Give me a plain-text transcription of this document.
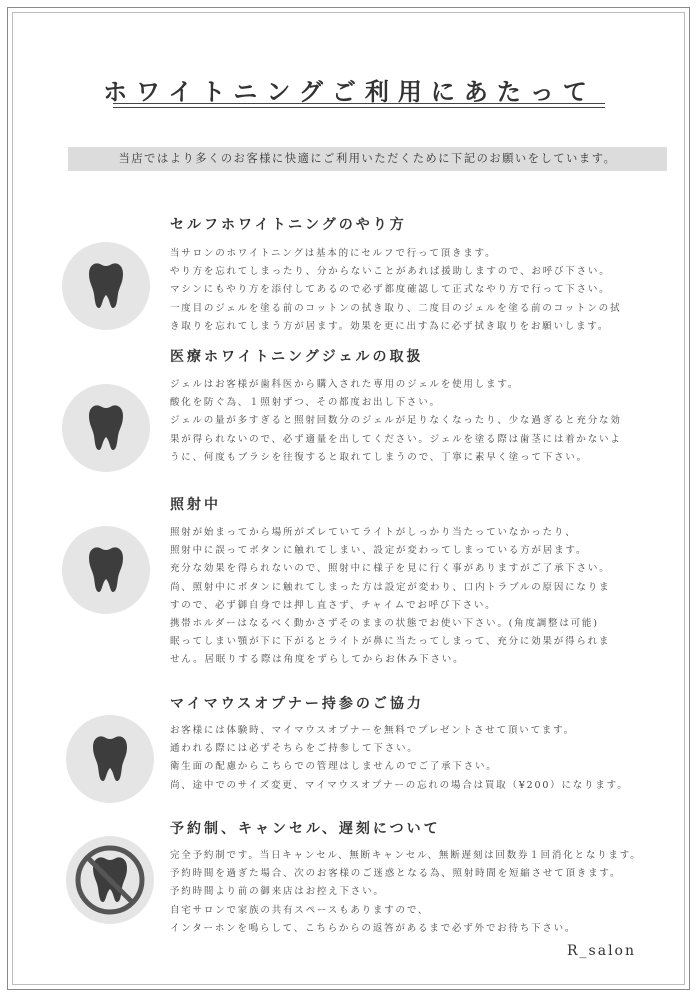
ホワイトニングご利用にあたって
当店ではより多くのお客様に快適にご利用いただくために下記のお願いをしています。
セルフホワイトニングのやり方
当サロンのホワイトニングは基本的にセルフで行って頂きます。
やり方を忘れてしまったり、分からないことがあれば援助しますので、お呼び下さい。
マシンにもやり方を添付してあるので必ず都度確認して正式なやり方で行って下さい。
一度目のジェルを塗る前のコットンの拭き取り、二度目のジェルを塗る前のコットンの拭
き取りを忘れてしまう方が居ます。効果を更に出す為に必ず拭き取りをお願いします。
医療ホワイトニングジェルの取扱
ジェルはお客様が歯科医から購入された専用のジェルを使用します。
酸化を防ぐ為、１照射ずつ、その都度お出し下さい。
ジェルの量が多すぎると照射回数分のジェルが足りなくなったり、少な過ぎると充分な効
果が得られないので、必ず適量を出してください。ジェルを塗る際は歯茎には着かないよ
うに、何度もブラシを往復すると取れてしまうので、丁寧に素早く塗って下さい。
照射中
照射が始まってから場所がズレていてライトがしっかり当たっていなかったり、
照射中に誤ってボタンに触れてしまい、設定が変わってしまっている方が居ます。
充分な効果を得られないので、照射中に様子を見に行く事がありますがご了承下さい。
尚、照射中にボタンに触れてしまった方は設定が変わり、口内トラブルの原因になりま
すので、必ず御自身では押し直さず、チャイムでお呼び下さい。
携帯ホルダーはなるべく動かさずそのままの状態でお使い下さい。(角度調整は可能)
眠ってしまい顎が下に下がるとライトが鼻に当たってしまって、充分に効果が得られま
せん。居眠りする際は角度をずらしてからお休み下さい。
マイマウスオプナー持参のご協力
お客様には体験時、マイマウスオプナーを無料でプレゼントさせて頂いてます。
通われる際には必ずそちらをご持参して下さい。
衛生面の配慮からこちらでの管理はしませんのでご了承下さい。
尚、途中でのサイズ変更、マイマウスオプナーの忘れの場合は買取（¥200）になります。
予約制、キャンセル、遅刻について
完全予約制です。当日キャンセル、無断キャンセル、無断遅刻は回数券１回消化となります。
予約時間を過ぎた場合、次のお客様のご迷惑となる為、照射時間を短縮させて頂きます。
予約時間より前の御来店はお控え下さい。
自宅サロンで家族の共有スペースもありますので、
インターホンを鳴らして、こちらからの返答があるまで必ず外でお待ち下さい。
R_salon
